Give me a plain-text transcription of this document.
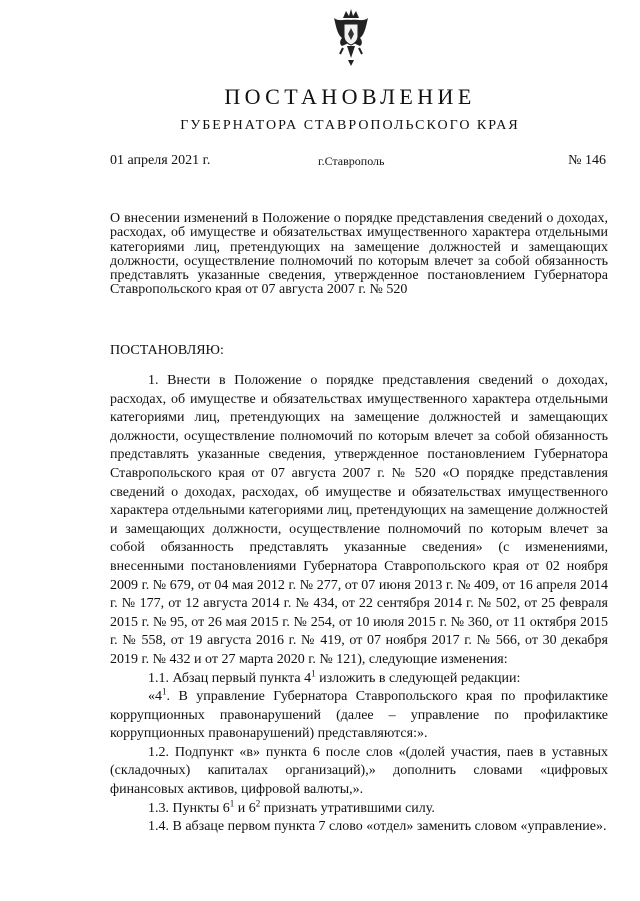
ПОСТАНОВЛЕНИЕ
ГУБЕРНАТОРА СТАВРОПОЛЬСКОГО КРАЯ
01 апреля 2021 г.	г.Ставрополь	№ 146
О внесении изменений в Положение о порядке представления сведений о доходах, расходах, об имуществе и обязательствах имущественного характера отдельными категориями лиц, претендующих на замещение должностей и замещающих должности, осуществление полномочий по которым влечет за собой обязанность представлять указанные сведения, утвержденное постановлением Губернатора Ставропольского края от 07 августа 2007 г. № 520
ПОСТАНОВЛЯЮ:

1. Внести в Положение о порядке представления сведений о доходах, расходах, об имуществе и обязательствах имущественного характера отдельными категориями лиц, претендующих на замещение должностей и замещающих должности, осуществление полномочий по которым влечет за собой обязанность представлять указанные сведения, утвержденное постановлением Губернатора Ставропольского края от 07 августа 2007 г. № 520 «О порядке представления сведений о доходах, расходах, об имуществе и обязательствах имущественного характера отдельными категориями лиц, претендующих на замещение должностей и замещающих должности, осуществление полномочий по которым влечет за собой обязанность представлять указанные сведения» (с изменениями, внесенными постановлениями Губернатора Ставропольского края от 02 ноября 2009 г. № 679, от 04 мая 2012 г. № 277, от 07 июня 2013 г. № 409, от 16 апреля 2014 г. № 177, от 12 августа 2014 г. № 434, от 22 сентября 2014 г. № 502, от 25 февраля 2015 г. № 95, от 26 мая 2015 г. № 254, от 10 июля 2015 г. № 360, от 11 октября 2015 г. № 558, от 19 августа 2016 г. № 419, от 07 ноября 2017 г. № 566, от 30 декабря 2019 г. № 432 и от 27 марта 2020 г. № 121), следующие изменения:

1.1. Абзац первый пункта $4^1$ изложить в следующей редакции:

«$4^1$. В управление Губернатора Ставропольского края по профилактике коррупционных правонарушений (далее – управление по профилактике коррупционных правонарушений) представляются:».

1.2. Подпункт «в» пункта 6 после слов «(долей участия, паев в уставных (складочных) капиталах организаций),» дополнить словами «цифровых финансовых активов, цифровой валюты,».

1.3. Пункты $6^1$ и $6^2$ признать утратившими силу.

1.4. В абзаце первом пункта 7 слово «отдел» заменить словом «управление».
